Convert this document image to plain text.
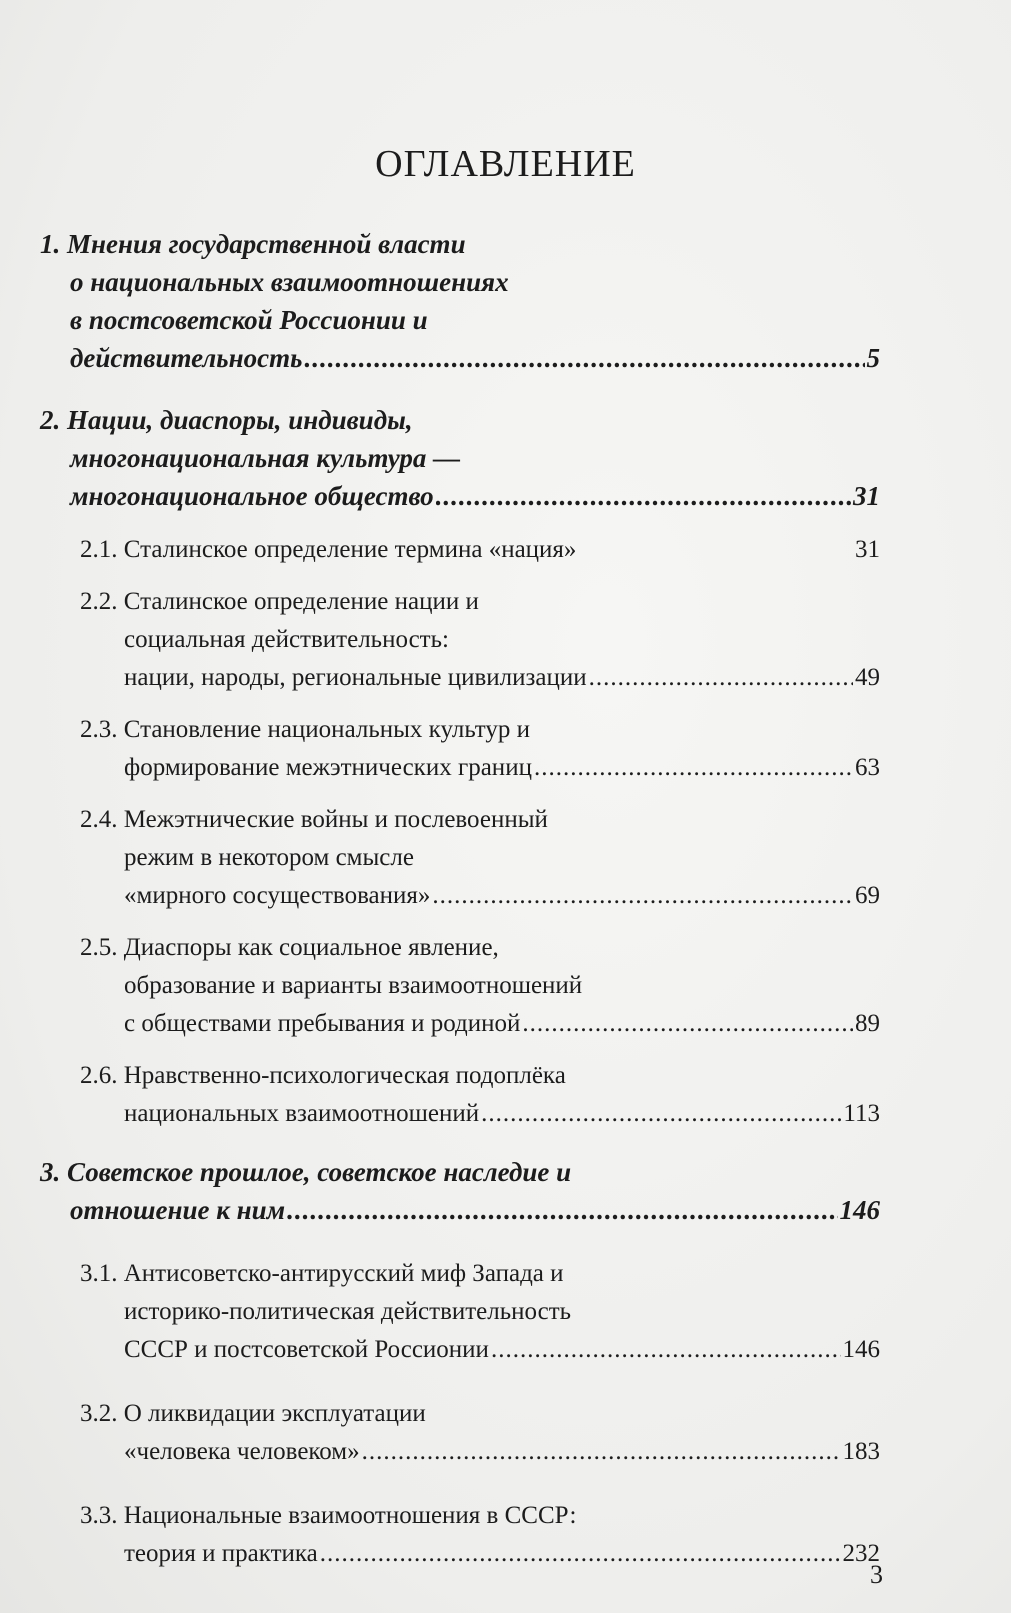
ОГЛАВЛЕНИЕ
1. Мнения государственной власти
о национальных взаимоотношениях
в постсоветской Россионии и
действительность .....	5
2. Нации, диаспоры, индивиды,
многонациональная культура —
многонациональное общество .....	31
2.1. Сталинское определение термина «нация»	31
2.2. Сталинское определение нации и
социальная действительность:
нации, народы, региональные цивилизации .....	49
2.3. Становление национальных культур и
формирование межэтнических границ .....	63
2.4. Межэтнические войны и послевоенный
режим в некотором смысле
«мирного сосуществования» .....	69
2.5. Диаспоры как социальное явление,
образование и варианты взаимоотношений
с обществами пребывания и родиной .....	89
2.6. Нравственно-психологическая подоплёка
национальных взаимоотношений .....	113
3. Советское прошлое, советское наследие и
отношение к ним .....	146
3.1. Антисоветско-антирусский миф Запада и
историко-политическая действительность
СССР и постсоветской Россионии .....	146
3.2. О ликвидации эксплуатации
«человека человеком» .....	183
3.3. Национальные взаимоотношения в СССР:
теория и практика .....	232
3
